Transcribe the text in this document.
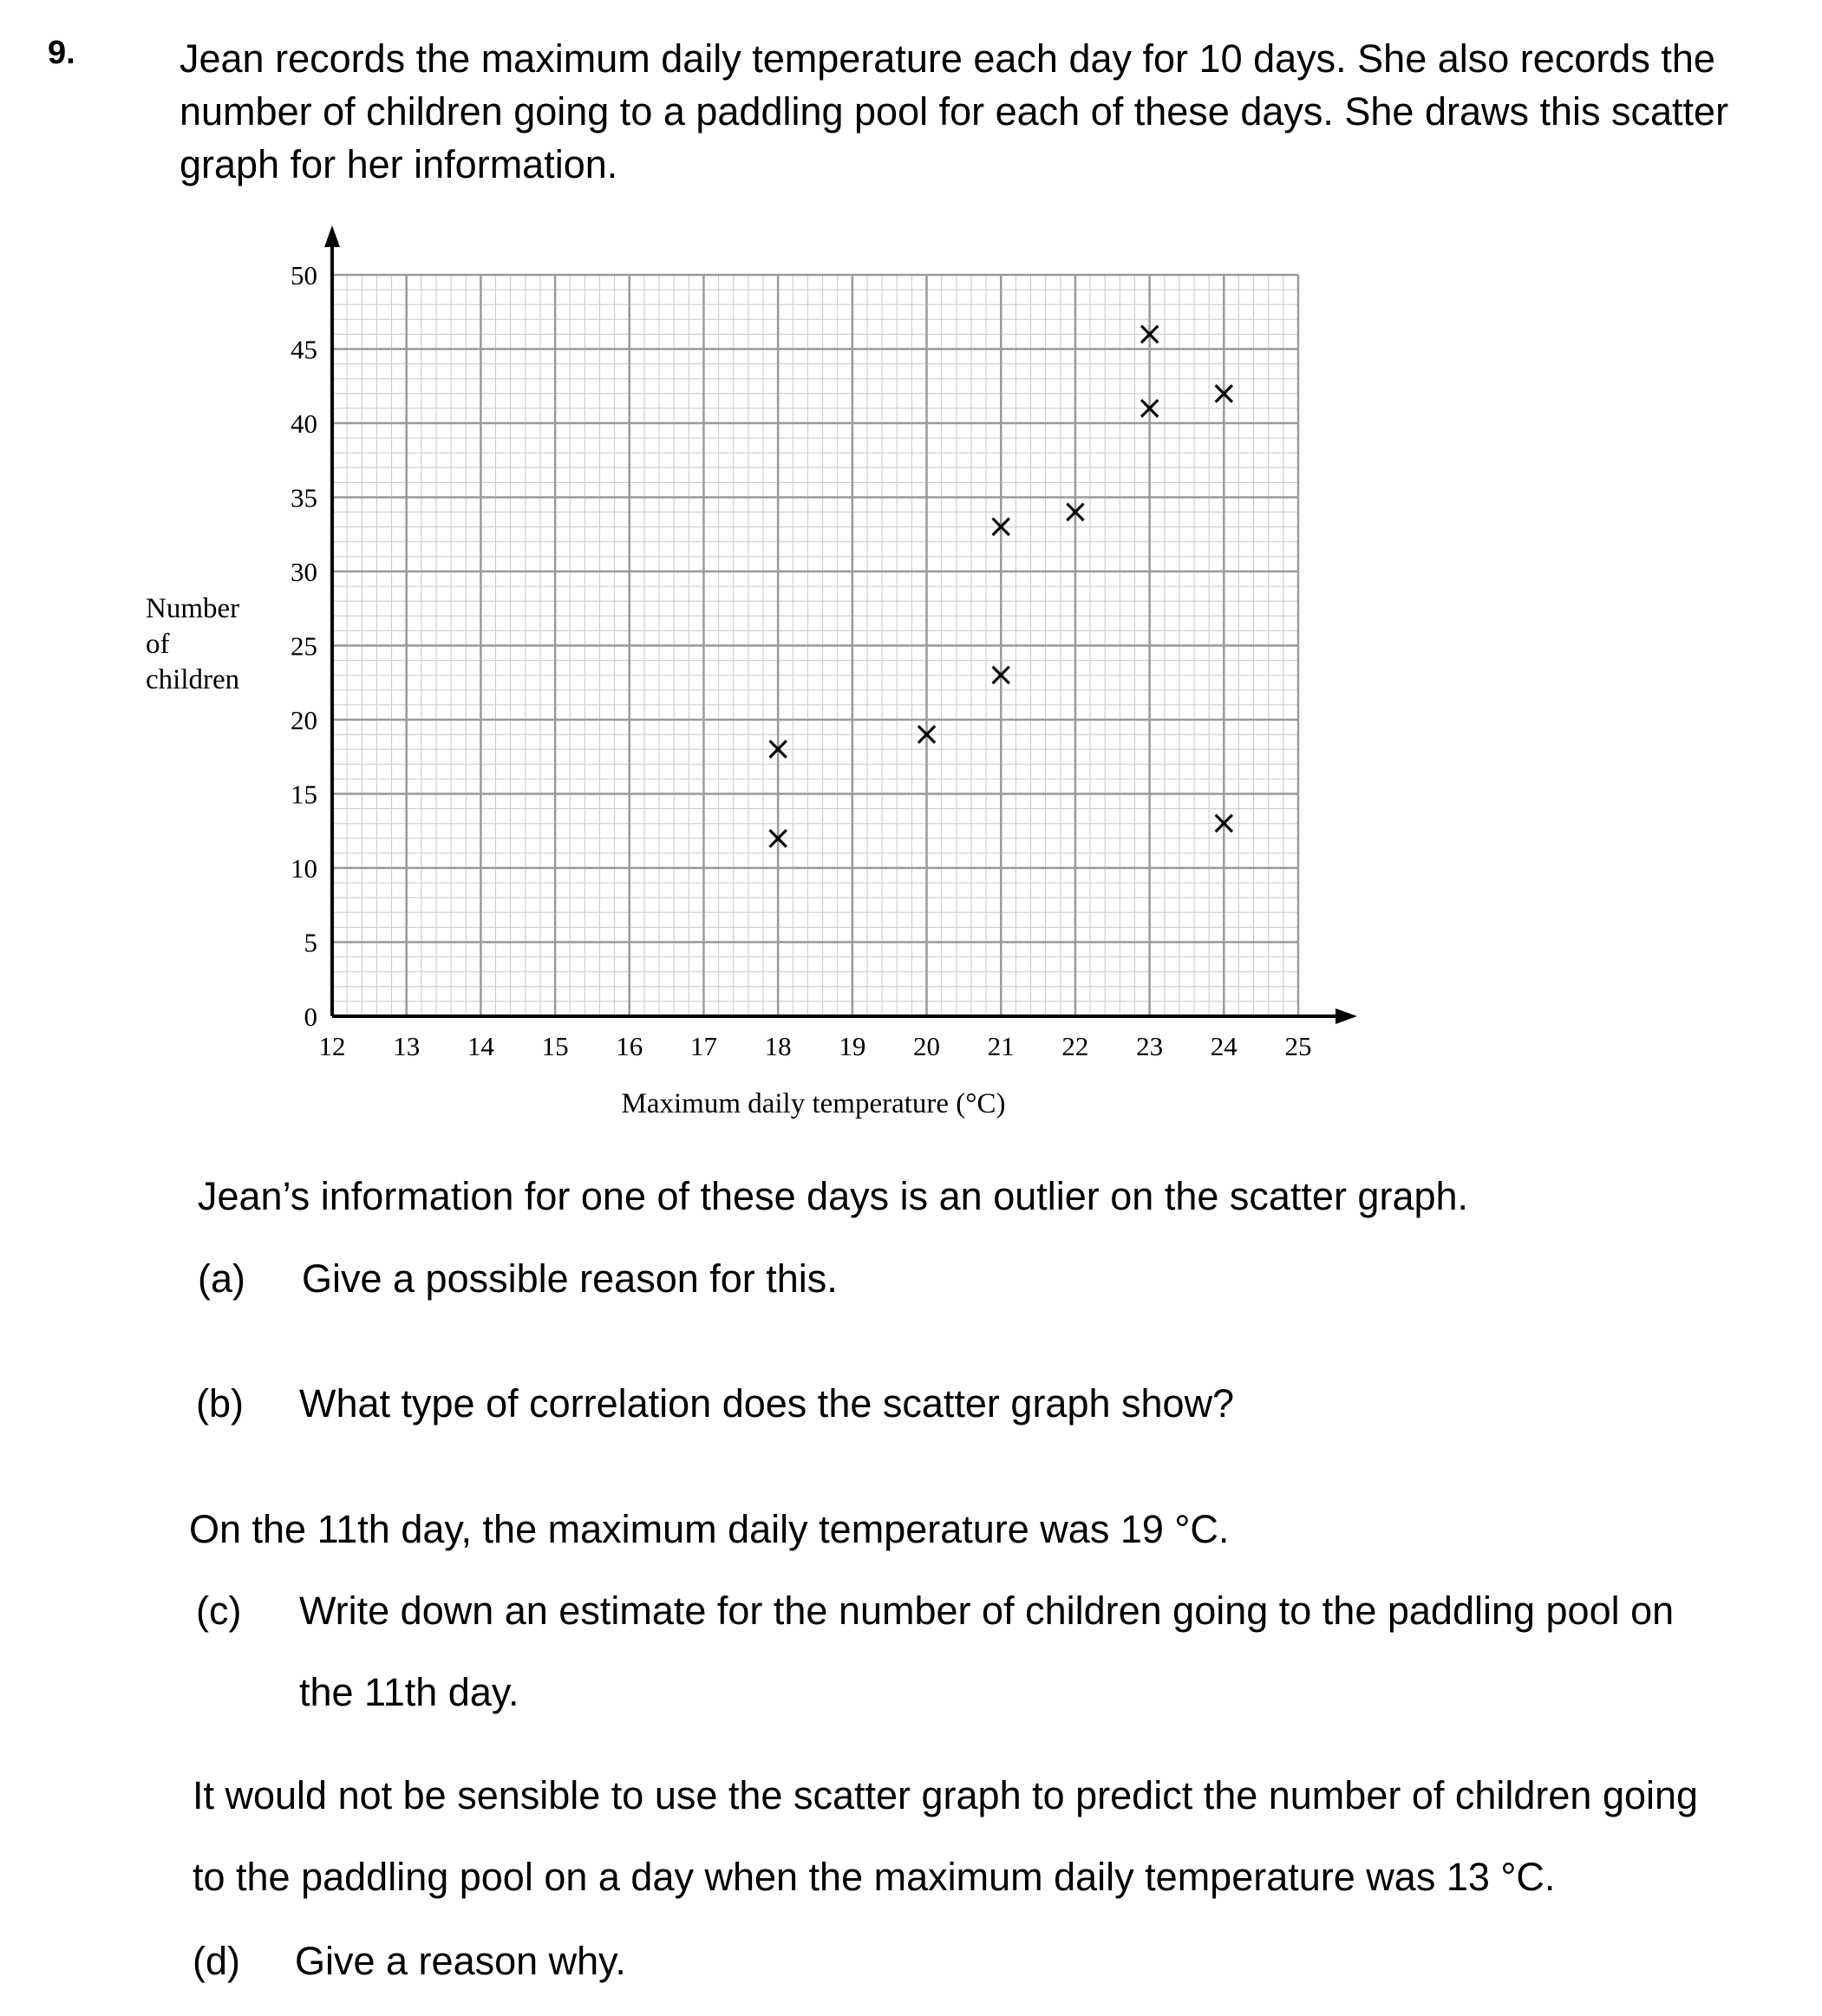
9.	Jean records the maximum daily temperature each day for 10 days. She also records the number of children going to a paddling pool for each of these days. She draws this scatter graph for her information.
12 13 14 15 16 17 18 19 20 21 22 23 24 25
0
5
10
15
20
25
30
35
40
45
50
×
×
×
×
×
×
×
× ×
×
Maximum daily temperature (°C)
Number
of
children
Jean’s information for one of these days is an outlier on the scatter graph.
(a) Give a possible reason for this.
(b) What type of correlation does the scatter graph show?
On the 11th day, the maximum daily temperature was 19 °C.
(c) Write down an estimate for the number of children going to the paddling pool on
the 11th day.
It would not be sensible to use the scatter graph to predict the number of children going
to the paddling pool on a day when the maximum daily temperature was 13 °C.
(d) Give a reason why.
